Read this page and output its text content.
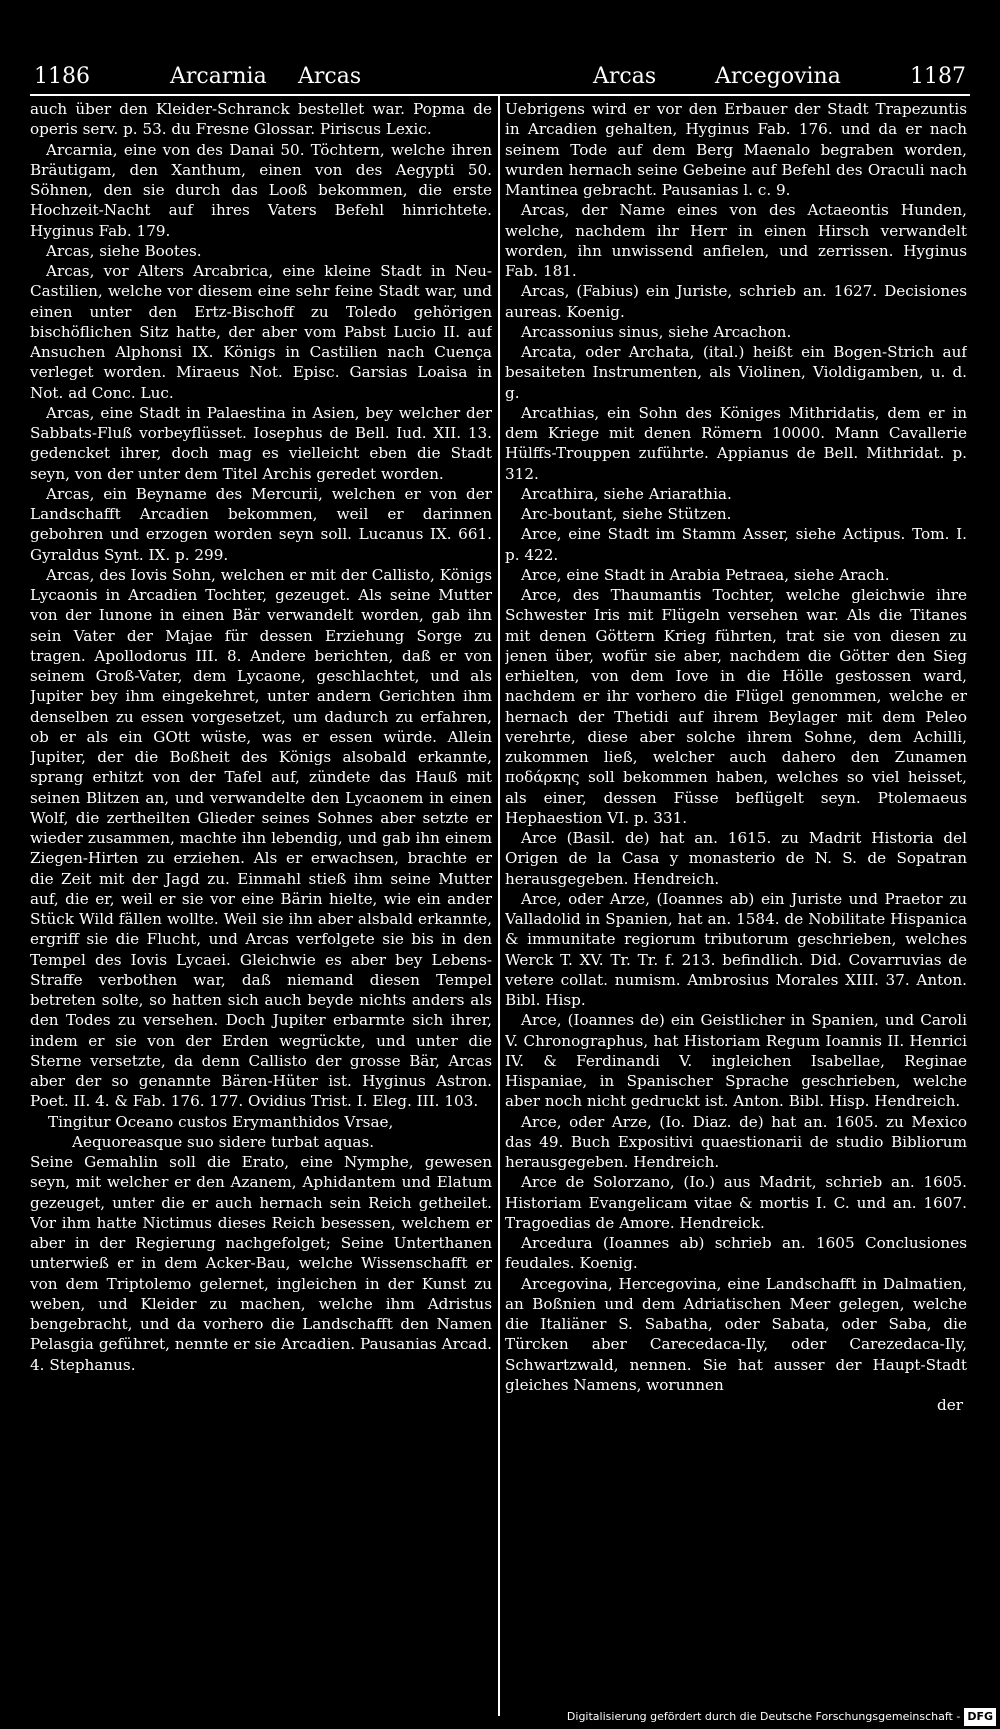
1186	Arcarnia Arcas	Arcas	Arcegovina	1187

auch über den Kleider-Schranck bestellet war. Popma de operis serv. p. 53. du Fresne Glossar. Piriscus Lexic.

Arcarnia, eine von des Danai 50. Töchtern, welche ihren Bräutigam, den Xanthum, einen von des Aegypti 50. Söhnen, den sie durch das Looß bekommen, die erste Hochzeit-Nacht auf ihres Vaters Befehl hinrichtete. Hyginus Fab. 179.

Arcas, siehe Bootes.

Arcas, vor Alters Arcabrica, eine kleine Stadt in Neu-Castilien, welche vor diesem eine sehr feine Stadt war, und einen unter den Ertz-Bischoff zu Toledo gehörigen bischöflichen Sitz hatte, der aber vom Pabst Lucio II. auf Ansuchen Alphonsi IX. Königs in Castilien nach Cuença verleget worden. Miraeus Not. Episc. Garsias Loaisa in Not. ad Conc. Luc.

Arcas, eine Stadt in Palaestina in Asien, bey welcher der Sabbats-Fluß vorbeyflüsset. Iosephus de Bell. Iud. XII. 13. gedencket ihrer, doch mag es vielleicht eben die Stadt seyn, von der unter dem Titel Archis geredet worden.

Arcas, ein Beyname des Mercurii, welchen er von der Landschafft Arcadien bekommen, weil er darinnen gebohren und erzogen worden seyn soll. Lucanus IX. 661. Gyraldus Synt. IX. p. 299.

Arcas, des Iovis Sohn, welchen er mit der Callisto, Königs Lycaonis in Arcadien Tochter, gezeuget. Als seine Mutter von der Iunone in einen Bär verwandelt worden, gab ihn sein Vater der Majae für dessen Erziehung Sorge zu tragen. Apollodorus III. 8. Andere berichten, daß er von seinem Groß-Vater, dem Lycaone, geschlachtet, und als Jupiter bey ihm eingekehret, unter andern Gerichten ihm denselben zu essen vorgesetzet, um dadurch zu erfahren, ob er als ein GOtt wüste, was er essen würde. Allein Jupiter, der die Boßheit des Königs alsobald erkannte, sprang erhitzt von der Tafel auf, zündete das Hauß mit seinen Blitzen an, und verwandelte den Lycaonem in einen Wolf, die zertheilten Glieder seines Sohnes aber setzte er wieder zusammen, machte ihn lebendig, und gab ihn einem Ziegen-Hirten zu erziehen. Als er erwachsen, brachte er die Zeit mit der Jagd zu. Einmahl stieß ihm seine Mutter auf, die er, weil er sie vor eine Bärin hielte, wie ein ander Stück Wild fällen wollte. Weil sie ihn aber alsbald erkannte, ergriff sie die Flucht, und Arcas verfolgete sie bis in den Tempel des Iovis Lycaei. Gleichwie es aber bey Lebens-Straffe verbothen war, daß niemand diesen Tempel betreten solte, so hatten sich auch beyde nichts anders als den Todes zu versehen. Doch Jupiter erbarmte sich ihrer, indem er sie von der Erden wegrückte, und unter die Sterne versetzte, da denn Callisto der grosse Bär, Arcas aber der so genannte Bären-Hüter ist. Hyginus Astron. Poet. II. 4. & Fab. 176. 177. Ovidius Trist. I. Eleg. III. 103.

Tingitur Oceano custos Erymanthidos Vrsae,

Aequoreasque suo sidere turbat aquas.

Seine Gemahlin soll die Erato, eine Nymphe, gewesen seyn, mit welcher er den Azanem, Aphidantem und Elatum gezeuget, unter die er auch hernach sein Reich getheilet. Vor ihm hatte Nictimus dieses Reich besessen, welchem er aber in der Regierung nachgefolget; Seine Unterthanen unterwieß er in dem Acker-Bau, welche Wissenschafft er von dem Triptolemo gelernet, ingleichen in der Kunst zu weben, und Kleider zu machen, welche ihm Adristus bengebracht, und da vorhero die Landschafft den Namen Pelasgia geführet, nennte er sie Arcadien. Pausanias Arcad. 4. Stephanus.

Uebrigens wird er vor den Erbauer der Stadt Trapezuntis in Arcadien gehalten, Hyginus Fab. 176. und da er nach seinem Tode auf dem Berg Maenalo begraben worden, wurden hernach seine Gebeine auf Befehl des Oraculi nach Mantinea gebracht. Pausanias l. c. 9.

Arcas, der Name eines von des Actaeontis Hunden, welche, nachdem ihr Herr in einen Hirsch verwandelt worden, ihn unwissend anfielen, und zerrissen. Hyginus Fab. 181.

Arcas, (Fabius) ein Juriste, schrieb an. 1627. Decisiones aureas. Koenig.

Arcassonius sinus, siehe Arcachon.

Arcata, oder Archata, (ital.) heißt ein Bogen-Strich auf besaiteten Instrumenten, als Violinen, Violdigamben, u. d. g.

Arcathias, ein Sohn des Königes Mithridatis, dem er in dem Kriege mit denen Römern 10000. Mann Cavallerie Hülffs-Trouppen zuführte. Appianus de Bell. Mithridat. p. 312.

Arcathira, siehe Ariarathia.

Arc-boutant, siehe Stützen.

Arce, eine Stadt im Stamm Asser, siehe Actipus. Tom. I. p. 422.

Arce, eine Stadt in Arabia Petraea, siehe Arach.

Arce, des Thaumantis Tochter, welche gleichwie ihre Schwester Iris mit Flügeln versehen war. Als die Titanes mit denen Göttern Krieg führten, trat sie von diesen zu jenen über, wofür sie aber, nachdem die Götter den Sieg erhielten, von dem Iove in die Hölle gestossen ward, nachdem er ihr vorhero die Flügel genommen, welche er hernach der Thetidi auf ihrem Beylager mit dem Peleo verehrte, diese aber solche ihrem Sohne, dem Achilli, zukommen ließ, welcher auch dahero den Zunamen ποδάρκης soll bekommen haben, welches so viel heisset, als einer, dessen Füsse beflügelt seyn. Ptolemaeus Hephaestion VI. p. 331.

Arce (Basil. de) hat an. 1615. zu Madrit Historia del Origen de la Casa y monasterio de N. S. de Sopatran herausgegeben. Hendreich.

Arce, oder Arze, (Ioannes ab) ein Juriste und Praetor zu Valladolid in Spanien, hat an. 1584. de Nobilitate Hispanica & immunitate regiorum tributorum geschrieben, welches Werck T. XV. Tr. Tr. f. 213. befindlich. Did. Covarruvias de vetere collat. numism. Ambrosius Morales XIII. 37. Anton. Bibl. Hisp.

Arce, (Ioannes de) ein Geistlicher in Spanien, und Caroli V. Chronographus, hat Historiam Regum Ioannis II. Henrici IV. & Ferdinandi V. ingleichen Isabellae, Reginae Hispaniae, in Spanischer Sprache geschrieben, welche aber noch nicht gedruckt ist. Anton. Bibl. Hisp. Hendreich.

Arce, oder Arze, (Io. Diaz. de) hat an. 1605. zu Mexico das 49. Buch Expositivi quaestionarii de studio Bibliorum herausgegeben. Hendreich.

Arce de Solorzano, (Io.) aus Madrit, schrieb an. 1605. Historiam Evangelicam vitae & mortis I. C. und an. 1607. Tragoedias de Amore. Hendreick.

Arcedura (Ioannes ab) schrieb an. 1605 Conclusiones feudales. Koenig.

Arcegovina, Hercegovina, eine Landschafft in Dalmatien, an Boßnien und dem Adriatischen Meer gelegen, welche die Italiäner S. Sabatha, oder Sabata, oder Saba, die Türcken aber Carecedaca-Ily, oder Carezedaca-Ily, Schwartzwald, nennen. Sie hat ausser der Haupt-Stadt gleiches Namens, worunnen

der

Digitalisierung gefördert durch die Deutsche Forschungsgemeinschaft - DFG
